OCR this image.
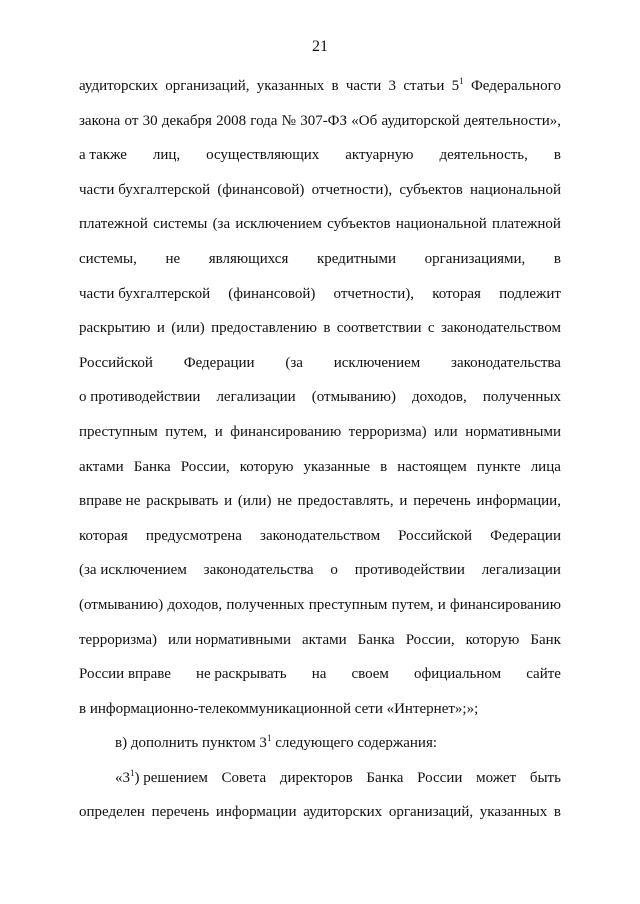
21
аудиторских организаций, указанных в части 3 статьи $5^1$ Федерального
закона от 30 декабря 2008 года № 307-ФЗ «Об аудиторской деятельности»,
а также лиц, осуществляющих актуарную деятельность, в
части бухгалтерской (финансовой) отчетности), субъектов национальной
платежной системы (за исключением субъектов национальной платежной
системы, не являющихся кредитными организациями, в
части бухгалтерской (финансовой) отчетности), которая подлежит
раскрытию и (или) предоставлению в соответствии с законодательством
Российской Федерации (за исключением законодательства
о противодействии легализации (отмыванию) доходов, полученных
преступным путем, и финансированию терроризма) или нормативными
актами Банка России, которую указанные в настоящем пункте лица
вправе не раскрывать и (или) не предоставлять, и перечень информации,
которая предусмотрена законодательством Российской Федерации
(за исключением законодательства о противодействии легализации
(отмыванию) доходов, полученных преступным путем, и финансированию
терроризма) или нормативными актами Банка России, которую Банк
России вправе не раскрывать на своем официальном сайте
в информационно-телекоммуникационной сети «Интернет»;»;
в) дополнить пунктом $3^1$ следующего содержания:
«$3^1$) решением Совета директоров Банка России может быть
определен перечень информации аудиторских организаций, указанных в
